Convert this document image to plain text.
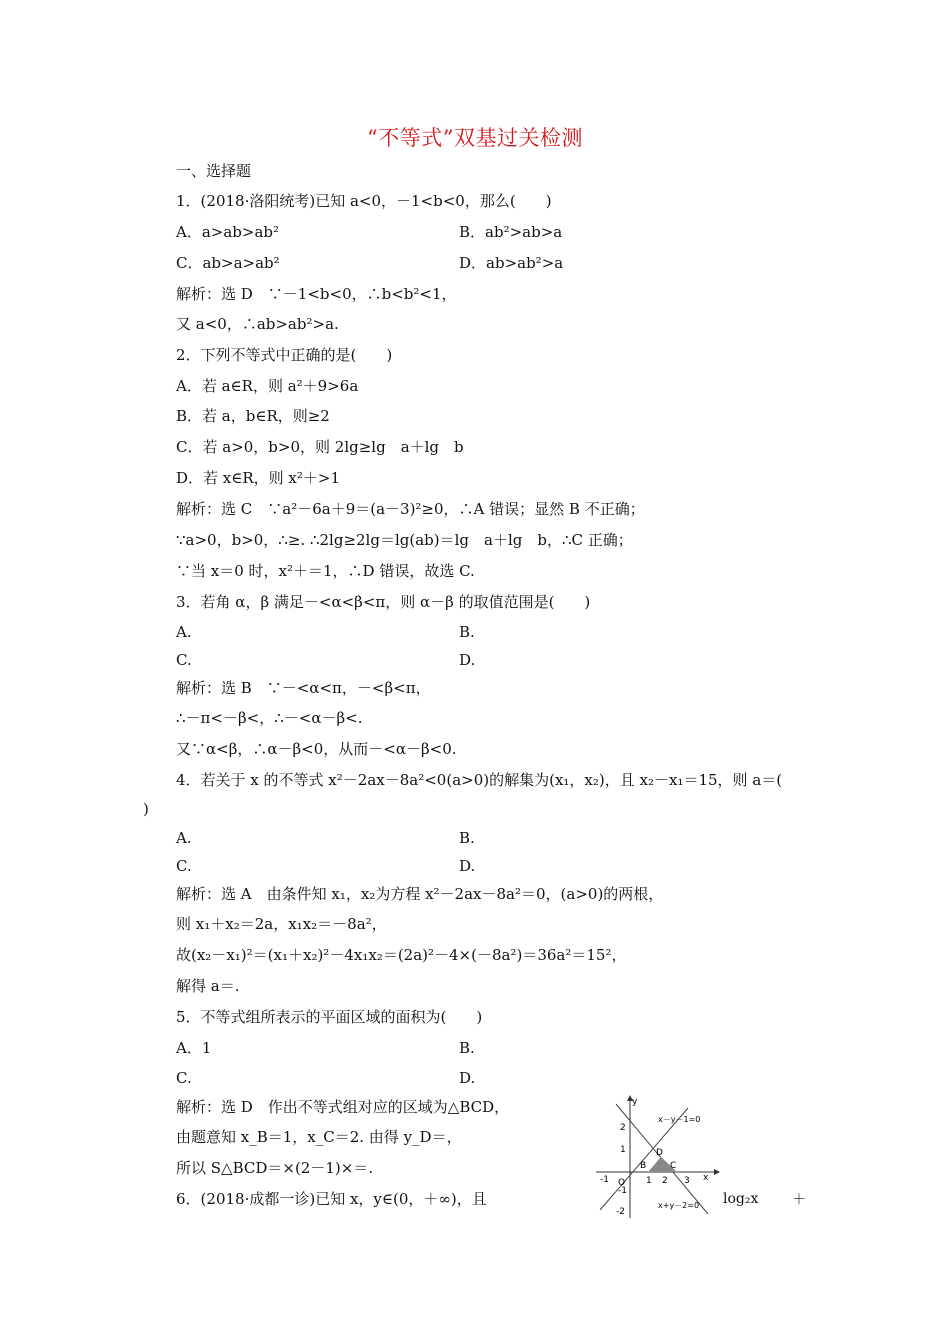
“不等式”双基过关检测
一、选择题
1．(2018·洛阳统考)已知 a<0，－1<b<0，那么(　　)
A．a>ab>ab²	B．ab²>ab>a
C．ab>a>ab²	D．ab>ab²>a
解析：选 D　∵－1<b<0，∴b<b²<1，
又 a<0，∴ab>ab²>a.
2．下列不等式中正确的是(　　)
A．若 a∈R，则 a²＋9>6a
B．若 a，b∈R，则≥2
C．若 a>0，b>0，则 2lg≥lg　a＋lg　b
D．若 x∈R，则 x²＋>1
解析：选 C　∵a²－6a＋9＝(a－3)²≥0，∴A 错误；显然 B 不正确；
∵a>0，b>0，∴≥. ∴2lg≥2lg＝lg(ab)＝lg　a＋lg　b，∴C 正确；
∵当 x＝0 时，x²＋＝1，∴D 错误，故选 C.
3．若角 α，β 满足－<α<β<π，则 α－β 的取值范围是(　　)
A.	B.
C.	D.
解析：选 B　∵－<α<π，－<β<π，
∴－π<－β<，∴－<α－β<.
又∵α<β，∴α－β<0，从而－<α－β<0.
4．若关于 x 的不等式 x²－2ax－8a²<0(a>0)的解集为(x₁，x₂)，且 x₂－x₁＝15，则 a＝(
)
A.	B.
C.	D.
解析：选 A　由条件知 x₁，x₂为方程 x²－2ax－8a²＝0，(a>0)的两根，
则 x₁＋x₂＝2a，x₁x₂＝－8a²，
故(x₂－x₁)²＝(x₁＋x₂)²－4x₁x₂＝(2a)²－4×(－8a²)＝36a²＝15²，
解得 a＝.
5．不等式组所表示的平面区域的面积为(　　)
A．1	B.
C.	D.
解析：选 D　作出不等式组对应的区域为△BCD，
由题意知 x_B＝1，x_C＝2. 由得 y_D＝，
所以 S△BCD＝×(2－1)×＝.
6．(2018·成都一诊)已知 x，y∈(0，＋∞)，且	log₂x ＋
y
x
O
B	C
D
-1	1 2 3
2
1
-1
-2
x－y－1=0
x+y－2=0
